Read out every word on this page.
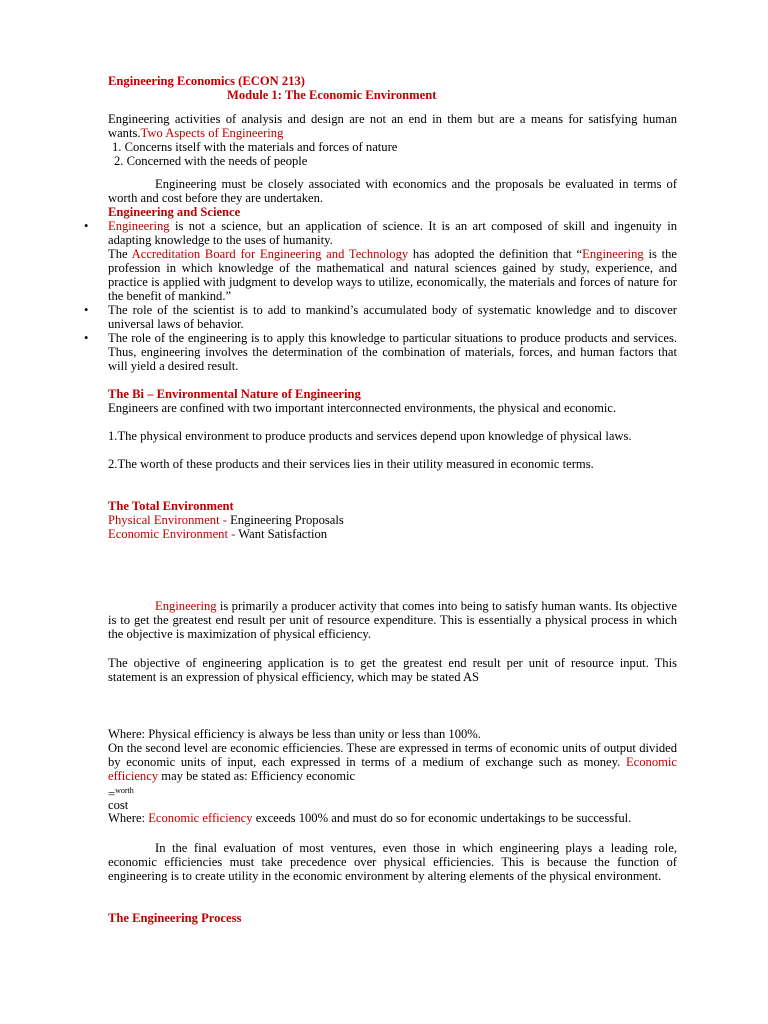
Engineering Economics (ECON 213)
Module 1: The Economic Environment
Engineering activities of analysis and design are not an end in them but are a means for satisfying human wants.Two Aspects of Engineering
1. Concerns itself with the materials and forces of nature
2. Concerned with the needs of people
Engineering must be closely associated with economics and the proposals be evaluated in terms of worth and cost before they are undertaken.
Engineering and Science
•	Engineering is not a science, but an application of science. It is an art composed of skill and ingenuity in adapting knowledge to the uses of humanity.
The Accreditation Board for Engineering and Technology has adopted the definition that “Engineering is the profession in which knowledge of the mathematical and natural sciences gained by study, experience, and practice is applied with judgment to develop ways to utilize, economically, the materials and forces of nature for the benefit of mankind.”
•	The role of the scientist is to add to mankind’s accumulated body of systematic knowledge and to discover universal laws of behavior.
•	The role of the engineering is to apply this knowledge to particular situations to produce products and services. Thus, engineering involves the determination of the combination of materials, forces, and human factors that will yield a desired result.
The Bi – Environmental Nature of Engineering
Engineers are confined with two important interconnected environments, the physical and economic.
1.The physical environment to produce products and services depend upon knowledge of physical laws.
2.The worth of these products and their services lies in their utility measured in economic terms.
The Total Environment
Physical Environment - Engineering Proposals
Economic Environment - Want Satisfaction
Engineering is primarily a producer activity that comes into being to satisfy human wants. Its objective is to get the greatest end result per unit of resource expenditure. This is essentially a physical process in which the objective is maximization of physical efficiency.
The objective of engineering application is to get the greatest end result per unit of resource input. This statement is an expression of physical efficiency, which may be stated AS
Where: Physical efficiency is always be less than unity or less than 100%.
On the second level are economic efficiencies. These are expressed in terms of economic units of output divided by economic units of input, each expressed in terms of a medium of exchange such as money. Economic efficiency may be stated as: Efficiency economic
=$^{worth}$
cost
Where: Economic efficiency exceeds 100% and must do so for economic undertakings to be successful.
In the final evaluation of most ventures, even those in which engineering plays a leading role, economic efficiencies must take precedence over physical efficiencies. This is because the function of engineering is to create utility in the economic environment by altering elements of the physical environment.
The Engineering Process
